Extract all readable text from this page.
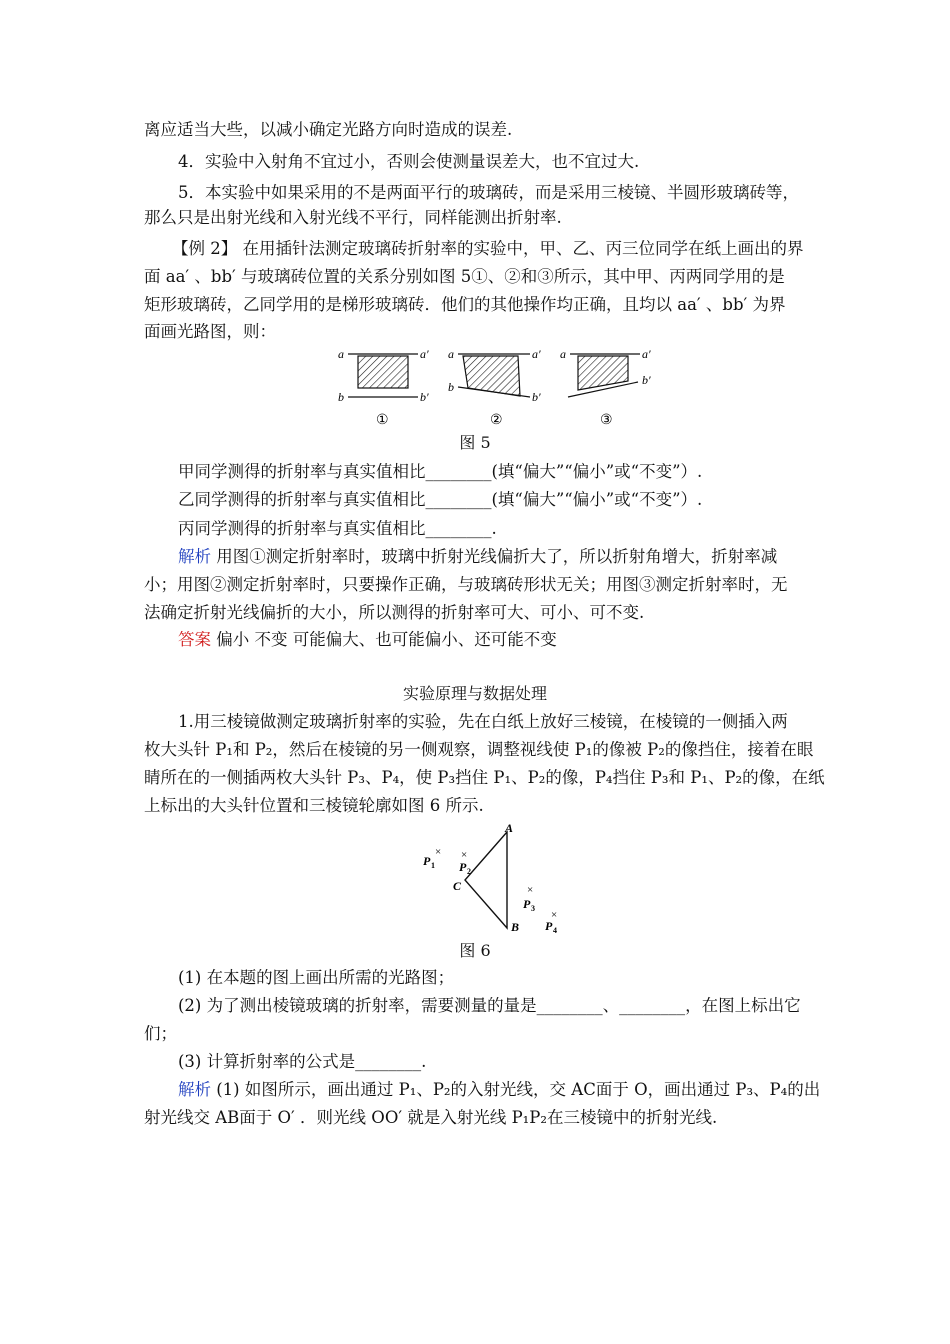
离应适当大些，以减小确定光路方向时造成的误差.
4．实验中入射角不宜过小，否则会使测量误差大，也不宜过大.
5．本实验中如果采用的不是两面平行的玻璃砖，而是采用三棱镜、半圆形玻璃砖等，
那么只是出射光线和入射光线不平行，同样能测出折射率.
【例 2】 在用插针法测定玻璃砖折射率的实验中，甲、乙、丙三位同学在纸上画出的界
面 aa′ 、bb′ 与玻璃砖位置的关系分别如图 5①、②和③所示，其中甲、丙两同学用的是
矩形玻璃砖，乙同学用的是梯形玻璃砖．他们的其他操作均正确，且均以 aa′ 、bb′ 为界
面画光路图，则：
a	a′
b	b′
①
a	a′
b
b′
②
a	a′
b′
③
图 5
甲同学测得的折射率与真实值相比________(填“偏大”“偏小”或“不变”）.
乙同学测得的折射率与真实值相比________(填“偏大”“偏小”或“不变”）.
丙同学测得的折射率与真实值相比________.
解析 用图①测定折射率时，玻璃中折射光线偏折大了，所以折射角增大，折射率减
小；用图②测定折射率时，只要操作正确，与玻璃砖形状无关；用图③测定折射率时，无
法确定折射光线偏折的大小，所以测得的折射率可大、可小、可不变.
答案 偏小 不变 可能偏大、也可能偏小、还可能不变
实验原理与数据处理
1.用三棱镜做测定玻璃折射率的实验，先在白纸上放好三棱镜，在棱镜的一侧插入两
枚大头针 P₁和 P₂，然后在棱镜的另一侧观察，调整视线使 P₁的像被 P₂的像挡住，接着在眼
睛所在的一侧插两枚大头针 P₃、P₄，使 P₃挡住 P₁、P₂的像，P₄挡住 P₃和 P₁、P₂的像，在纸
上标出的大头针位置和三棱镜轮廓如图 6 所示.
A
B
C
×
P 1
×
P 2
×
P 3
×
P 4
图 6
(1) 在本题的图上画出所需的光路图；
(2) 为了测出棱镜玻璃的折射率，需要测量的量是________、________，在图上标出它
们；
(3) 计算折射率的公式是________.
解析 (1) 如图所示，画出通过 P₁、P₂的入射光线，交 AC面于 O，画出通过 P₃、P₄的出
射光线交 AB面于 O′ ．则光线 OO′ 就是入射光线 P₁P₂在三棱镜中的折射光线.
